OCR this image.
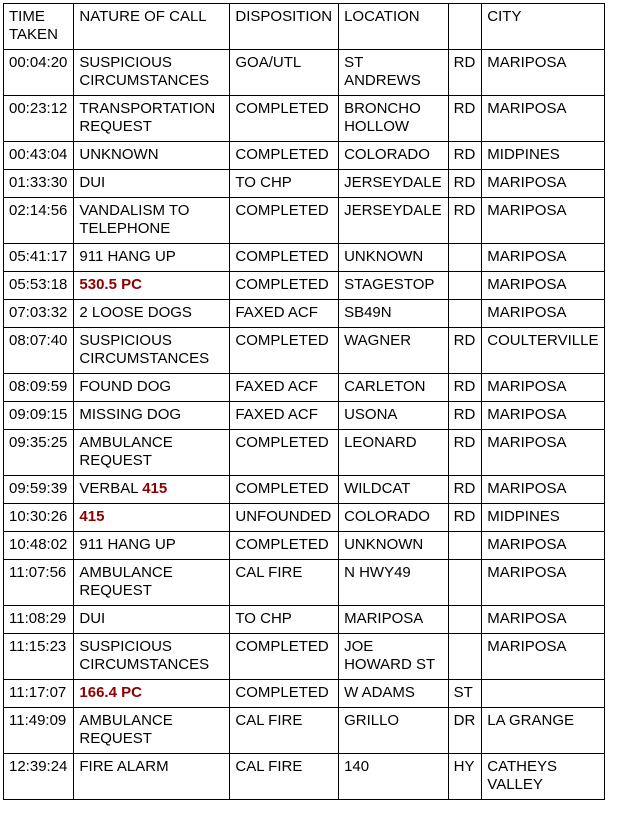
TIME TAKEN	NATURE OF CALL	DISPOSITION	LOCATION		CITY
00:04:20	SUSPICIOUS CIRCUMSTANCES	GOA/UTL	ST ANDREWS	RD	MARIPOSA
00:23:12	TRANSPORTATION REQUEST	COMPLETED	BRONCHO HOLLOW	RD	MARIPOSA
00:43:04	UNKNOWN	COMPLETED	COLORADO	RD	MIDPINES
01:33:30	DUI	TO CHP	JERSEYDALE	RD	MARIPOSA
02:14:56	VANDALISM TO TELEPHONE	COMPLETED	JERSEYDALE	RD	MARIPOSA
05:41:17	911 HANG UP	COMPLETED	UNKNOWN		MARIPOSA
05:53:18	530.5 PC	COMPLETED	STAGESTOP		MARIPOSA
07:03:32	2 LOOSE DOGS	FAXED ACF	SB49N		MARIPOSA
08:07:40	SUSPICIOUS CIRCUMSTANCES	COMPLETED	WAGNER	RD	COULTERVILLE
08:09:59	FOUND DOG	FAXED ACF	CARLETON	RD	MARIPOSA
09:09:15	MISSING DOG	FAXED ACF	USONA	RD	MARIPOSA
09:35:25	AMBULANCE REQUEST	COMPLETED	LEONARD	RD	MARIPOSA
09:59:39	VERBAL 415	COMPLETED	WILDCAT	RD	MARIPOSA
10:30:26	415	UNFOUNDED	COLORADO	RD	MIDPINES
10:48:02	911 HANG UP	COMPLETED	UNKNOWN		MARIPOSA
11:07:56	AMBULANCE REQUEST	CAL FIRE	N HWY49		MARIPOSA
11:08:29	DUI	TO CHP	MARIPOSA		MARIPOSA
11:15:23	SUSPICIOUS CIRCUMSTANCES	COMPLETED	JOE HOWARD ST		MARIPOSA
11:17:07	166.4 PC	COMPLETED	W ADAMS	ST	
11:49:09	AMBULANCE REQUEST	CAL FIRE	GRILLO	DR	LA GRANGE
12:39:24	FIRE ALARM	CAL FIRE	140	HY	CATHEYS VALLEY
